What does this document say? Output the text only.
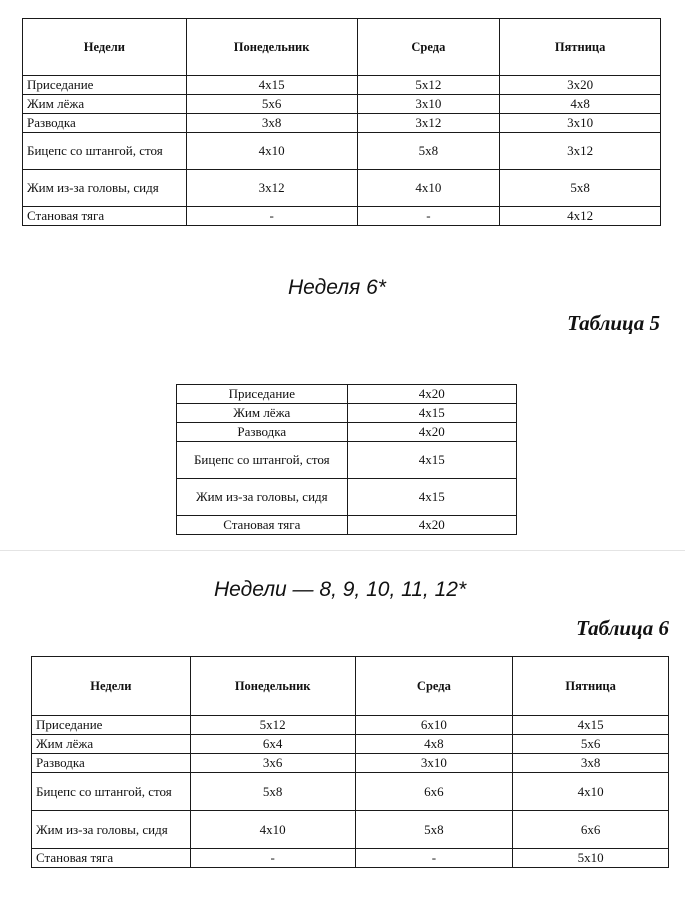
Недели	Понедельник	Среда	Пятница
Приседание	4x15	5x12	3x20
Жим лёжа	5x6	3x10	4x8
Разводка	3x8	3x12	3x10
Бицепс со штангой, стоя	4x10	5x8	3x12
Жим из-за головы, сидя	3x12	4x10	5x8
Становая тяга	-	-	4x12
Неделя 6*
Таблица 5
Приседание	4x20
Жим лёжа	4x15
Разводка	4x20
Бицепс со штангой, стоя	4x15
Жим из-за головы, сидя	4x15
Становая тяга	4x20
Недели — 8, 9, 10, 11, 12*
Таблица 6
Недели	Понедельник	Среда	Пятница
Приседание	5x12	6x10	4x15
Жим лёжа	6x4	4x8	5x6
Разводка	3x6	3x10	3x8
Бицепс со штангой, стоя	5x8	6x6	4x10
Жим из-за головы, сидя	4x10	5x8	6x6
Становая тяга	-	-	5x10
